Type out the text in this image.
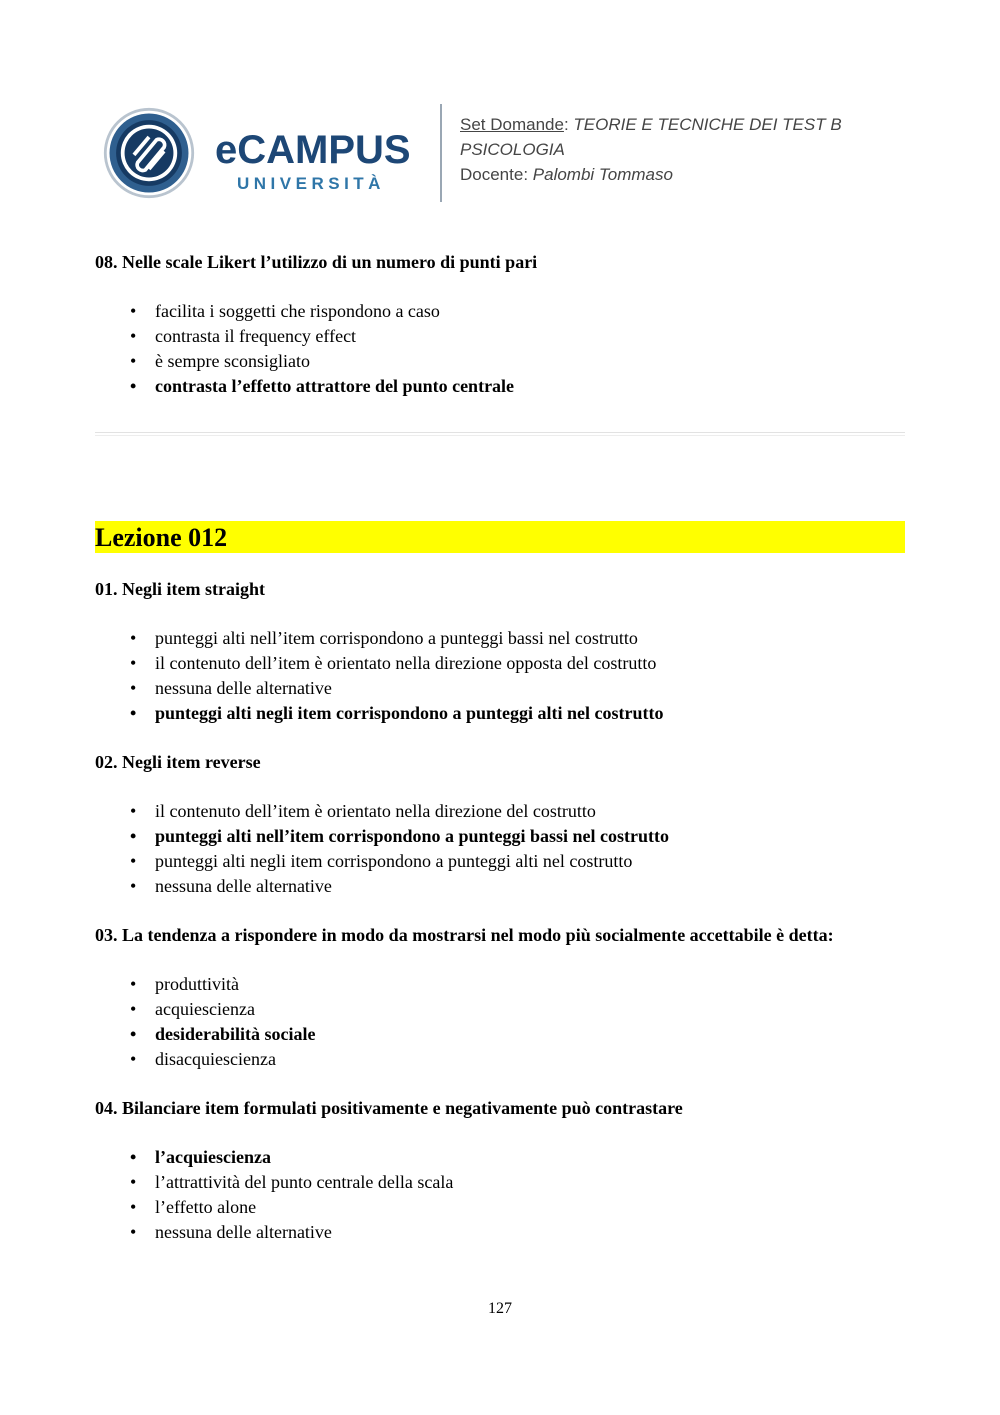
eCAMPUS
UNIVERSITÀ
Set Domande: TEORIE E TECNICHE DEI TEST B
PSICOLOGIA
Docente: Palombi Tommaso

08. Nelle scale Likert l’utilizzo di un numero di punti pari

• facilita i soggetti che rispondono a caso
• contrasta il frequency effect
• è sempre sconsigliato
• contrasta l’effetto attrattore del punto centrale
Lezione 012

01. Negli item straight

• punteggi alti nell’item corrispondono a punteggi bassi nel costrutto
• il contenuto dell’item è orientato nella direzione opposta del costrutto
• nessuna delle alternative
• punteggi alti negli item corrispondono a punteggi alti nel costrutto

02. Negli item reverse

• il contenuto dell’item è orientato nella direzione del costrutto
• punteggi alti nell’item corrispondono a punteggi bassi nel costrutto
• punteggi alti negli item corrispondono a punteggi alti nel costrutto
• nessuna delle alternative

03. La tendenza a rispondere in modo da mostrarsi nel modo più socialmente accettabile è detta:

• produttività
• acquiescienza
• desiderabilità sociale
• disacquiescienza

04. Bilanciare item formulati positivamente e negativamente può contrastare

• l’acquiescienza
• l’attrattività del punto centrale della scala
• l’effetto alone
• nessuna delle alternative
127
